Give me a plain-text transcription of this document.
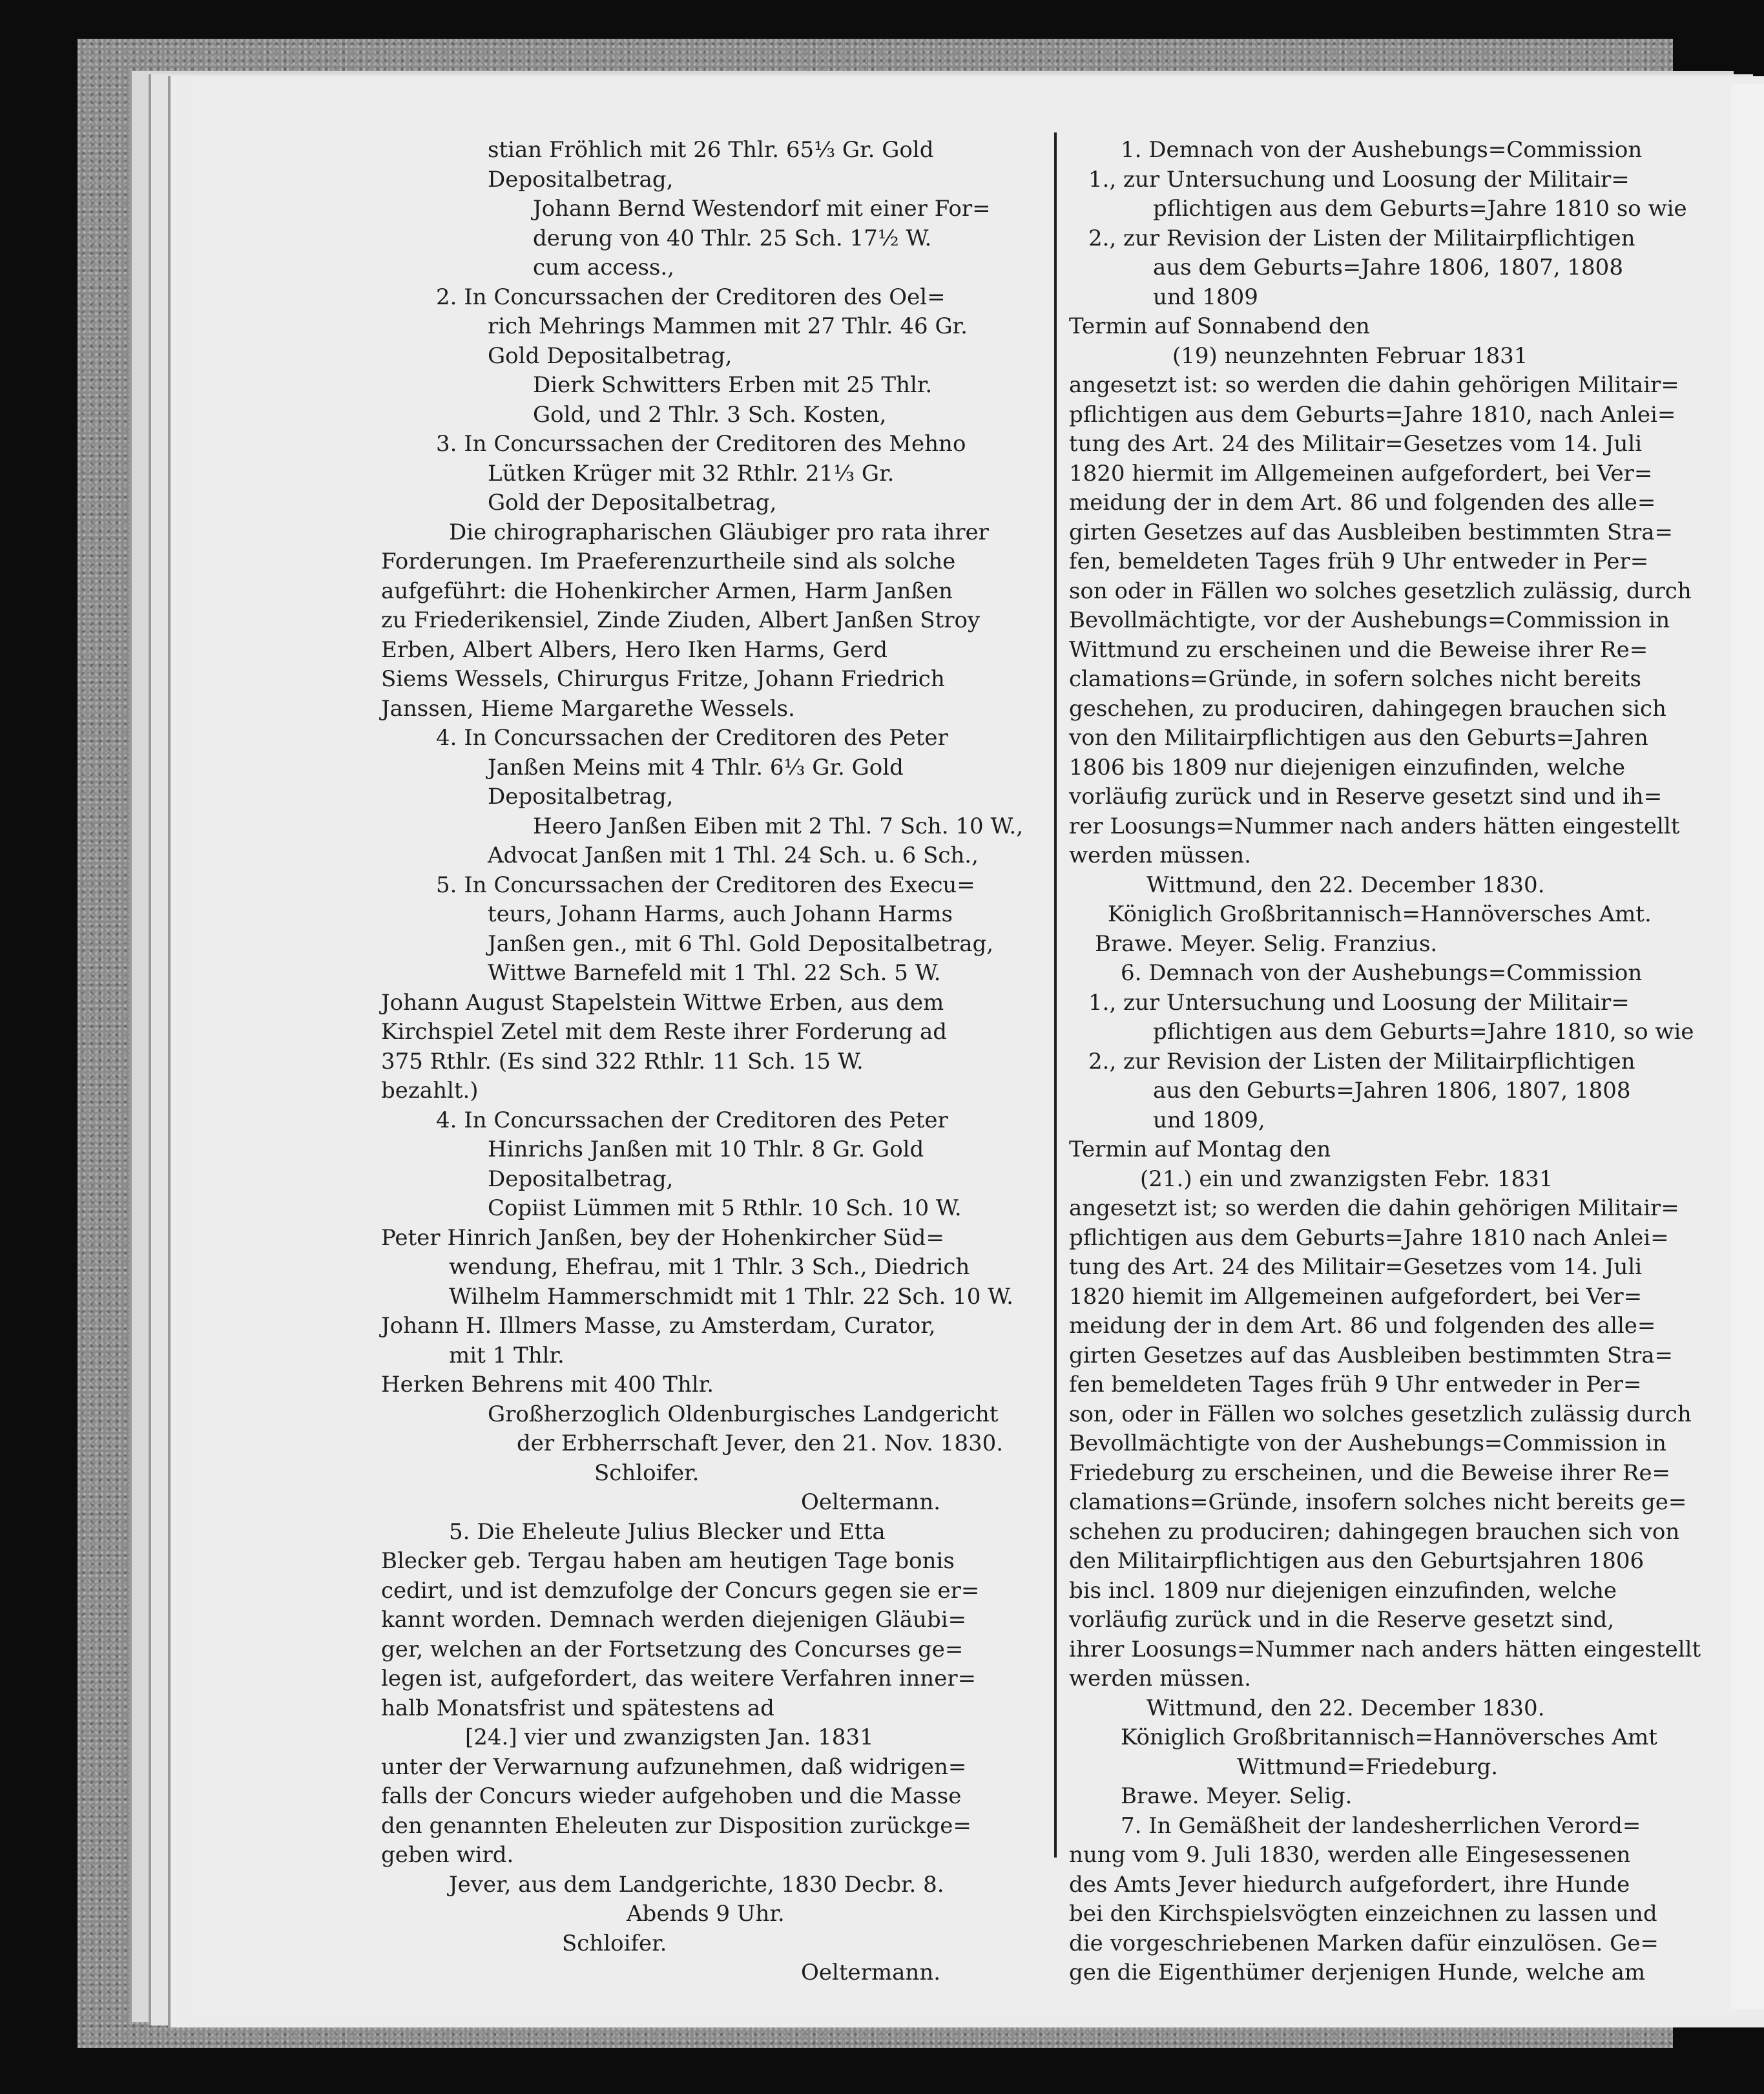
stian Fröhlich mit 26 Thlr. 65⅓ Gr. Gold

Depositalbetrag,

Johann Bernd Westendorf mit einer For=

derung von 40 Thlr. 25 Sch. 17½ W.

cum access.,

2. In Concurssachen der Creditoren des Oel=

rich Mehrings Mammen mit 27 Thlr. 46 Gr.

Gold Depositalbetrag,

Dierk Schwitters Erben mit 25 Thlr.

Gold, und 2 Thlr. 3 Sch. Kosten,

3. In Concurssachen der Creditoren des Mehno

Lütken Krüger mit 32 Rthlr. 21⅓ Gr.

Gold der Depositalbetrag,

Die chirographarischen Gläubiger pro rata ihrer

Forderungen. Im Praeferenzurtheile sind als solche

aufgeführt: die Hohenkircher Armen, Harm Janßen

zu Friederikensiel, Zinde Ziuden, Albert Janßen Stroy

Erben, Albert Albers, Hero Iken Harms, Gerd

Siems Wessels, Chirurgus Fritze, Johann Friedrich

Janssen, Hieme Margarethe Wessels.

4. In Concurssachen der Creditoren des Peter

Janßen Meins mit 4 Thlr. 6⅓ Gr. Gold

Depositalbetrag,

Heero Janßen Eiben mit 2 Thl. 7 Sch. 10 W.,

Advocat Janßen mit 1 Thl. 24 Sch. u. 6 Sch.,

5. In Concurssachen der Creditoren des Execu=

teurs, Johann Harms, auch Johann Harms

Janßen gen., mit 6 Thl. Gold Depositalbetrag,

Wittwe Barnefeld mit 1 Thl. 22 Sch. 5 W.

Johann August Stapelstein Wittwe Erben, aus dem

Kirchspiel Zetel mit dem Reste ihrer Forderung ad

375 Rthlr. (Es sind 322 Rthlr. 11 Sch. 15 W.

bezahlt.)

4. In Concurssachen der Creditoren des Peter

Hinrichs Janßen mit 10 Thlr. 8 Gr. Gold

Depositalbetrag,

Copiist Lümmen mit 5 Rthlr. 10 Sch. 10 W.

Peter Hinrich Janßen, bey der Hohenkircher Süd=

wendung, Ehefrau, mit 1 Thlr. 3 Sch., Diedrich

Wilhelm Hammerschmidt mit 1 Thlr. 22 Sch. 10 W.

Johann H. Illmers Masse, zu Amsterdam, Curator,

mit 1 Thlr.

Herken Behrens mit 400 Thlr.

Großherzoglich Oldenburgisches Landgericht

der Erbherrschaft Jever, den 21. Nov. 1830.

Schloifer.

Oeltermann.

5. Die Eheleute Julius Blecker und Etta

Blecker geb. Tergau haben am heutigen Tage bonis

cedirt, und ist demzufolge der Concurs gegen sie er=

kannt worden. Demnach werden diejenigen Gläubi=

ger, welchen an der Fortsetzung des Concurses ge=

legen ist, aufgefordert, das weitere Verfahren inner=

halb Monatsfrist und spätestens ad

[24.] vier und zwanzigsten Jan. 1831

unter der Verwarnung aufzunehmen, daß widrigen=

falls der Concurs wieder aufgehoben und die Masse

den genannten Eheleuten zur Disposition zurückge=

geben wird.

Jever, aus dem Landgerichte, 1830 Decbr. 8.

Abends 9 Uhr.

Schloifer.

Oeltermann.

1. Demnach von der Aushebungs=Commission

1., zur Untersuchung und Loosung der Militair=

pflichtigen aus dem Geburts=Jahre 1810 so wie

2., zur Revision der Listen der Militairpflichtigen

aus dem Geburts=Jahre 1806, 1807, 1808

und 1809

Termin auf Sonnabend den

(19) neunzehnten Februar 1831

angesetzt ist: so werden die dahin gehörigen Militair=

pflichtigen aus dem Geburts=Jahre 1810, nach Anlei=

tung des Art. 24 des Militair=Gesetzes vom 14. Juli

1820 hiermit im Allgemeinen aufgefordert, bei Ver=

meidung der in dem Art. 86 und folgenden des alle=

girten Gesetzes auf das Ausbleiben bestimmten Stra=

fen, bemeldeten Tages früh 9 Uhr entweder in Per=

son oder in Fällen wo solches gesetzlich zulässig, durch

Bevollmächtigte, vor der Aushebungs=Commission in

Wittmund zu erscheinen und die Beweise ihrer Re=

clamations=Gründe, in sofern solches nicht bereits

geschehen, zu produciren, dahingegen brauchen sich

von den Militairpflichtigen aus den Geburts=Jahren

1806 bis 1809 nur diejenigen einzufinden, welche

vorläufig zurück und in Reserve gesetzt sind und ih=

rer Loosungs=Nummer nach anders hätten eingestellt

werden müssen.

Wittmund, den 22. December 1830.

Königlich Großbritannisch=Hannöversches Amt.

Brawe. Meyer. Selig. Franzius.

6. Demnach von der Aushebungs=Commission

1., zur Untersuchung und Loosung der Militair=

pflichtigen aus dem Geburts=Jahre 1810, so wie

2., zur Revision der Listen der Militairpflichtigen

aus den Geburts=Jahren 1806, 1807, 1808

und 1809,

Termin auf Montag den

(21.) ein und zwanzigsten Febr. 1831

angesetzt ist; so werden die dahin gehörigen Militair=

pflichtigen aus dem Geburts=Jahre 1810 nach Anlei=

tung des Art. 24 des Militair=Gesetzes vom 14. Juli

1820 hiemit im Allgemeinen aufgefordert, bei Ver=

meidung der in dem Art. 86 und folgenden des alle=

girten Gesetzes auf das Ausbleiben bestimmten Stra=

fen bemeldeten Tages früh 9 Uhr entweder in Per=

son, oder in Fällen wo solches gesetzlich zulässig durch

Bevollmächtigte von der Aushebungs=Commission in

Friedeburg zu erscheinen, und die Beweise ihrer Re=

clamations=Gründe, insofern solches nicht bereits ge=

schehen zu produciren; dahingegen brauchen sich von

den Militairpflichtigen aus den Geburtsjahren 1806

bis incl. 1809 nur diejenigen einzufinden, welche

vorläufig zurück und in die Reserve gesetzt sind,

ihrer Loosungs=Nummer nach anders hätten eingestellt

werden müssen.

Wittmund, den 22. December 1830.

Königlich Großbritannisch=Hannöversches Amt

Wittmund=Friedeburg.

Brawe. Meyer. Selig.

7. In Gemäßheit der landesherrlichen Verord=

nung vom 9. Juli 1830, werden alle Eingesessenen

des Amts Jever hiedurch aufgefordert, ihre Hunde

bei den Kirchspielsvögten einzeichnen zu lassen und

die vorgeschriebenen Marken dafür einzulösen. Ge=

gen die Eigenthümer derjenigen Hunde, welche am
